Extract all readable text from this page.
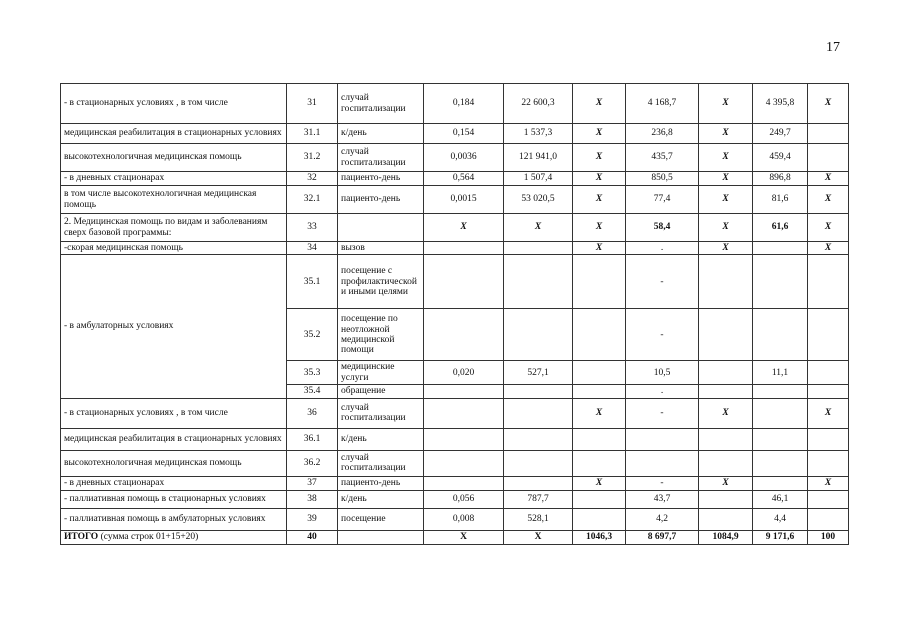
17
- в стационарных условиях , в том числе	31	случай госпитализации	0,184	22 600,3	Х	4 168,7	Х	4 395,8	Х
медицинская реабилитация в стационарных условиях	31.1	к/день	0,154	1 537,3	Х	236,8	Х	249,7	
высокотехнологичная медицинская помощь	31.2	случай госпитализации	0,0036	121 941,0	Х	435,7	Х	459,4	
- в дневных стационарах	32	пациенто-день	0,564	1 507,4	Х	850,5	Х	896,8	Х
в том числе высокотехнологичная медицинская помощь	32.1	пациенто-день	0,0015	53 020,5	Х	77,4	Х	81,6	Х
2. Медицинская помощь по видам и заболеваниям сверх базовой программы:	33		Х	Х	Х	58,4	Х	61,6	Х
-скорая медицинская помощь	34	вызов			Х	.	Х		Х
- в амбулаторных условиях	35.1	посещение с профилактической и иными целями				-			
	35.2	посещение по неотложной медицинской помощи				-			
	35.3	медицинские услуги	0,020	527,1		10,5		11,1	
	35.4	обращение				.			
- в стационарных условиях , в том числе	36	случай госпитализации			Х	-	Х		Х
медицинская реабилитация в стационарных условиях	36.1	к/день							
высокотехнологичная медицинская помощь	36.2	случай госпитализации							
- в дневных стационарах	37	пациенто-день			Х	-	Х		Х
- паллиативная помощь в стационарных условиях	38	к/день	0,056	787,7		43,7		46,1	
- паллиативная помощь в амбулаторных условиях	39	посещение	0,008	528,1		4,2		4,4	
ИТОГО (сумма строк 01+15+20)	40		Х	Х	1046,3	8 697,7	1084,9	9 171,6	100
